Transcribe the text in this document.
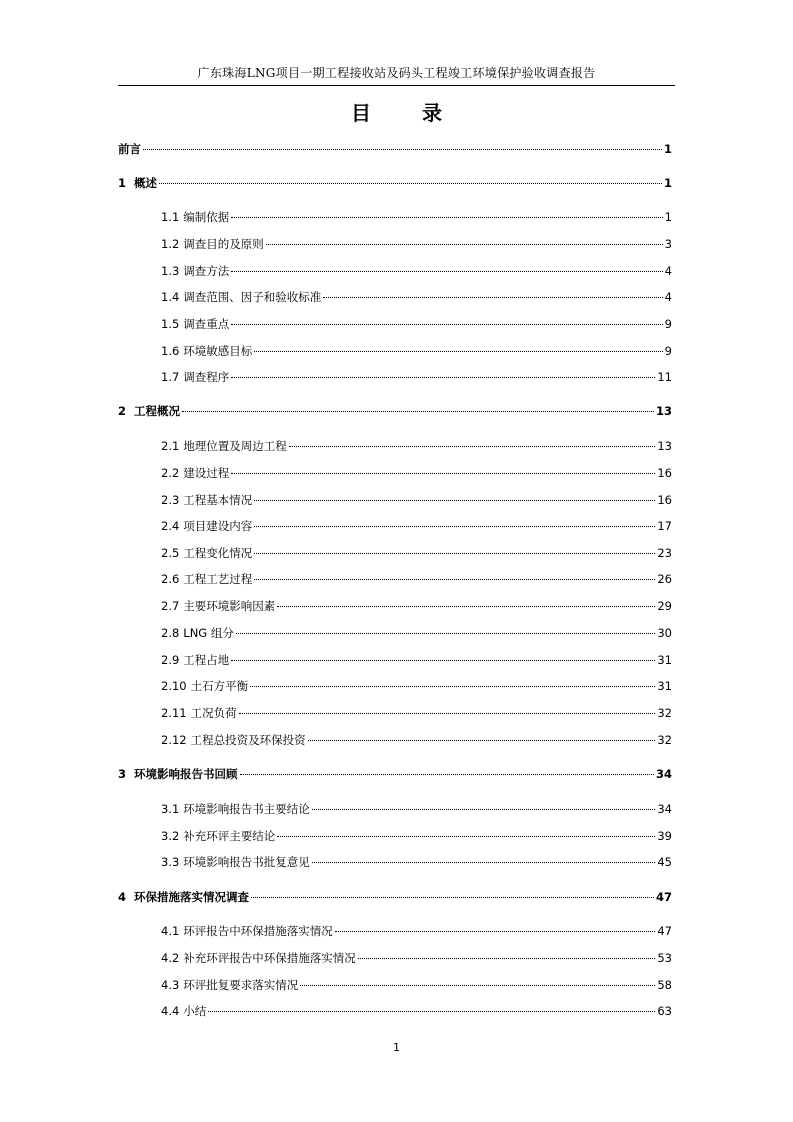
广东珠海LNG项目一期工程接收站及码头工程竣工环境保护验收调查报告
目 录
前言	1
1 概述	1
1.1 编制依据	1
1.2 调查目的及原则	3
1.3 调查方法	4
1.4 调查范围、因子和验收标准	4
1.5 调查重点	9
1.6 环境敏感目标	9
1.7 调查程序	11
2 工程概况	13
2.1 地理位置及周边工程	13
2.2 建设过程	16
2.3 工程基本情况	16
2.4 项目建设内容	17
2.5 工程变化情况	23
2.6 工程工艺过程	26
2.7 主要环境影响因素	29
2.8 LNG 组分	30
2.9 工程占地	31
2.10 土石方平衡	31
2.11 工况负荷	32
2.12 工程总投资及环保投资	32
3 环境影响报告书回顾	34
3.1 环境影响报告书主要结论	34
3.2 补充环评主要结论	39
3.3 环境影响报告书批复意见	45
4 环保措施落实情况调查	47
4.1 环评报告中环保措施落实情况	47
4.2 补充环评报告中环保措施落实情况	53
4.3 环评批复要求落实情况	58
4.4 小结	63
1
